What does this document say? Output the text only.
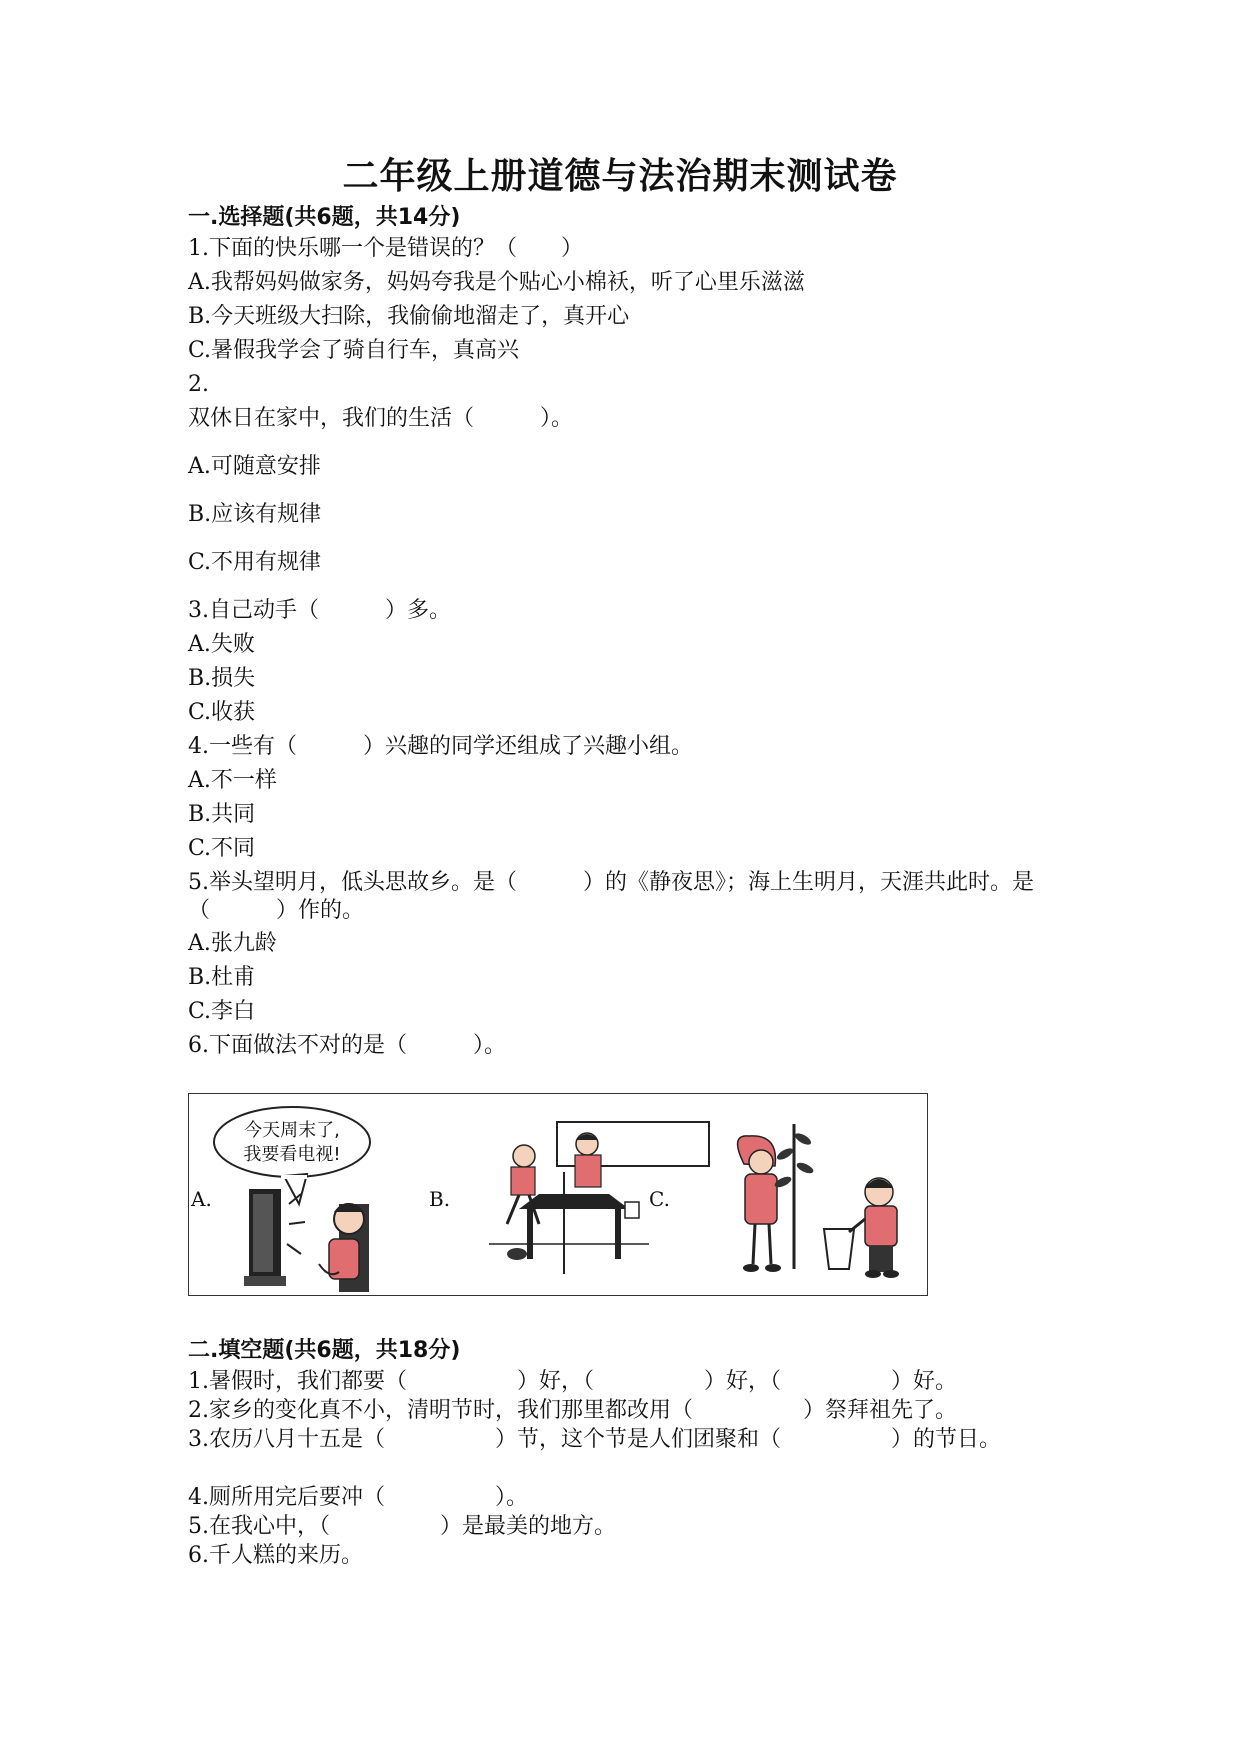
二年级上册道德与法治期末测试卷
一.选择题(共6题，共14分)
1.下面的快乐哪一个是错误的？（　　）
A.我帮妈妈做家务，妈妈夸我是个贴心小棉袄，听了心里乐滋滋
B.今天班级大扫除，我偷偷地溜走了，真开心
C.暑假我学会了骑自行车，真高兴
2.
双休日在家中，我们的生活（　　　）。
A.可随意安排
B.应该有规律
C.不用有规律
3.自己动手（　　　）多。
A.失败
B.损失
C.收获
4.一些有（　　　）兴趣的同学还组成了兴趣小组。
A.不一样
B.共同
C.不同
5.举头望明月，低头思故乡。是（　　　）的《静夜思》；海上生明月，天涯共此时。是（　　　）作的。
A.张九龄
B.杜甫
C.李白
6.下面做法不对的是（　　　）。
今天周末了,
我要看电视!
A.	B.	C.
二.填空题(共6题，共18分)
1.暑假时，我们都要（　　　　　）好，（　　　　　）好，（　　　　　）好。
2.家乡的变化真不小，清明节时，我们那里都改用（　　　　　）祭拜祖先了。
3.农历八月十五是（　　　　　）节，这个节是人们团聚和（　　　　　）的节日。
4.厕所用完后要冲（　　　　　）。
5.在我心中，（　　　　　）是最美的地方。
6.千人糕的来历。
